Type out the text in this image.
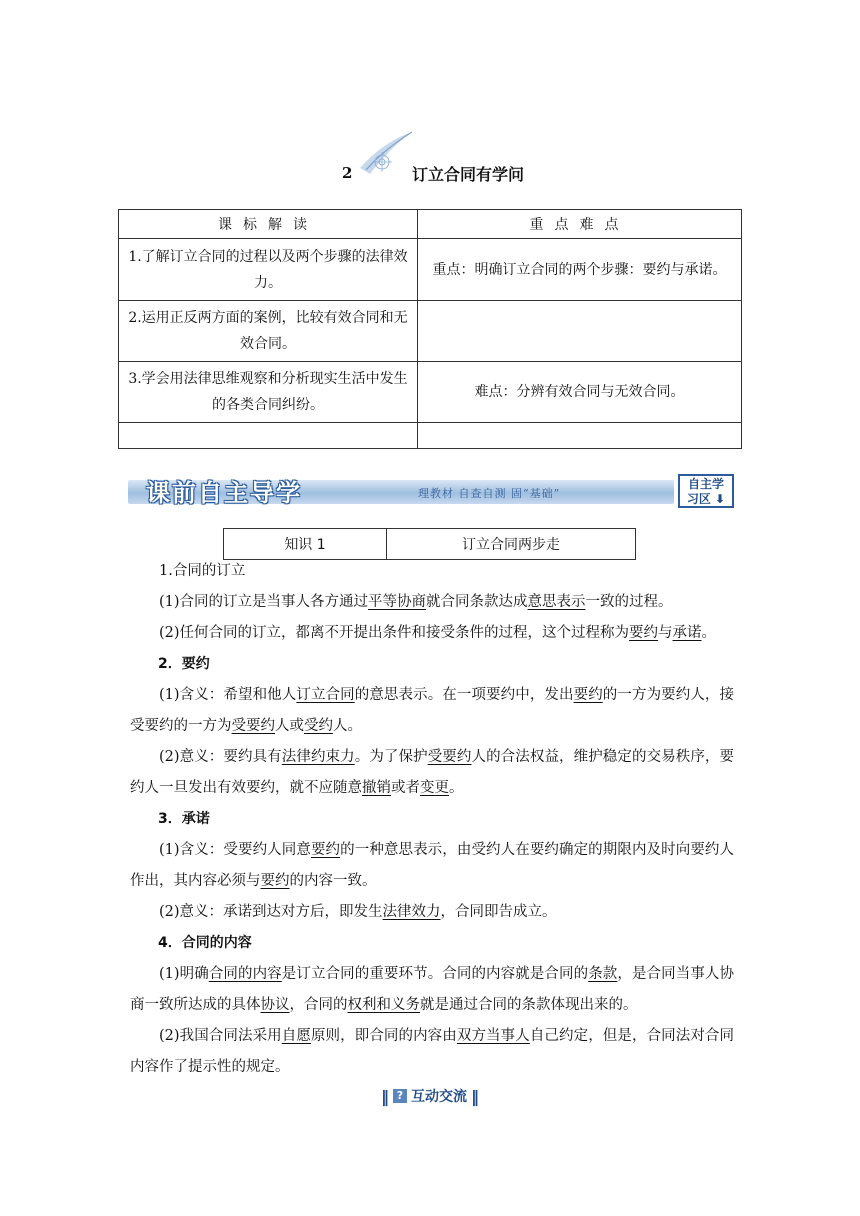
2	订立合同有学问
课标解读	重点难点
1.了解订立合同的过程以及两个步骤的法律效力。	重点：明确订立合同的两个步骤：要约与承诺。
2.运用正反两方面的案例，比较有效合同和无效合同。	
3.学会用法律思维观察和分析现实生活中发生的各类合同纠纷。	难点：分辨有效合同与无效合同。

课前自主导学	理教材 自查自测 固“基础”
自主学
习区 ⬇
知识 1	订立合同两步走

1.合同的订立

(1)合同的订立是当事人各方通过平等协商就合同条款达成意思表示一致的过程。

(2)任何合同的订立，都离不开提出条件和接受条件的过程，这个过程称为要约与承诺。

2．要约

(1)含义：希望和他人订立合同的意思表示。在一项要约中，发出要约的一方为要约人，接受要约的一方为受要约人或受约人。

(2)意义：要约具有法律约束力。为了保护受要约人的合法权益，维护稳定的交易秩序，要约人一旦发出有效要约，就不应随意撤销或者变更。

3．承诺

(1)含义：受要约人同意要约的一种意思表示，由受约人在要约确定的期限内及时向要约人作出，其内容必须与要约的内容一致。

(2)意义：承诺到达对方后，即发生法律效力，合同即告成立。

4．合同的内容

(1)明确合同的内容是订立合同的重要环节。合同的内容就是合同的条款，是合同当事人协商一致所达成的具体协议，合同的权利和义务就是通过合同的条款体现出来的。

(2)我国合同法采用自愿原则，即合同的内容由双方当事人自己约定，但是，合同法对合同内容作了提示性的规定。

‖ ? 互动交流 ‖
